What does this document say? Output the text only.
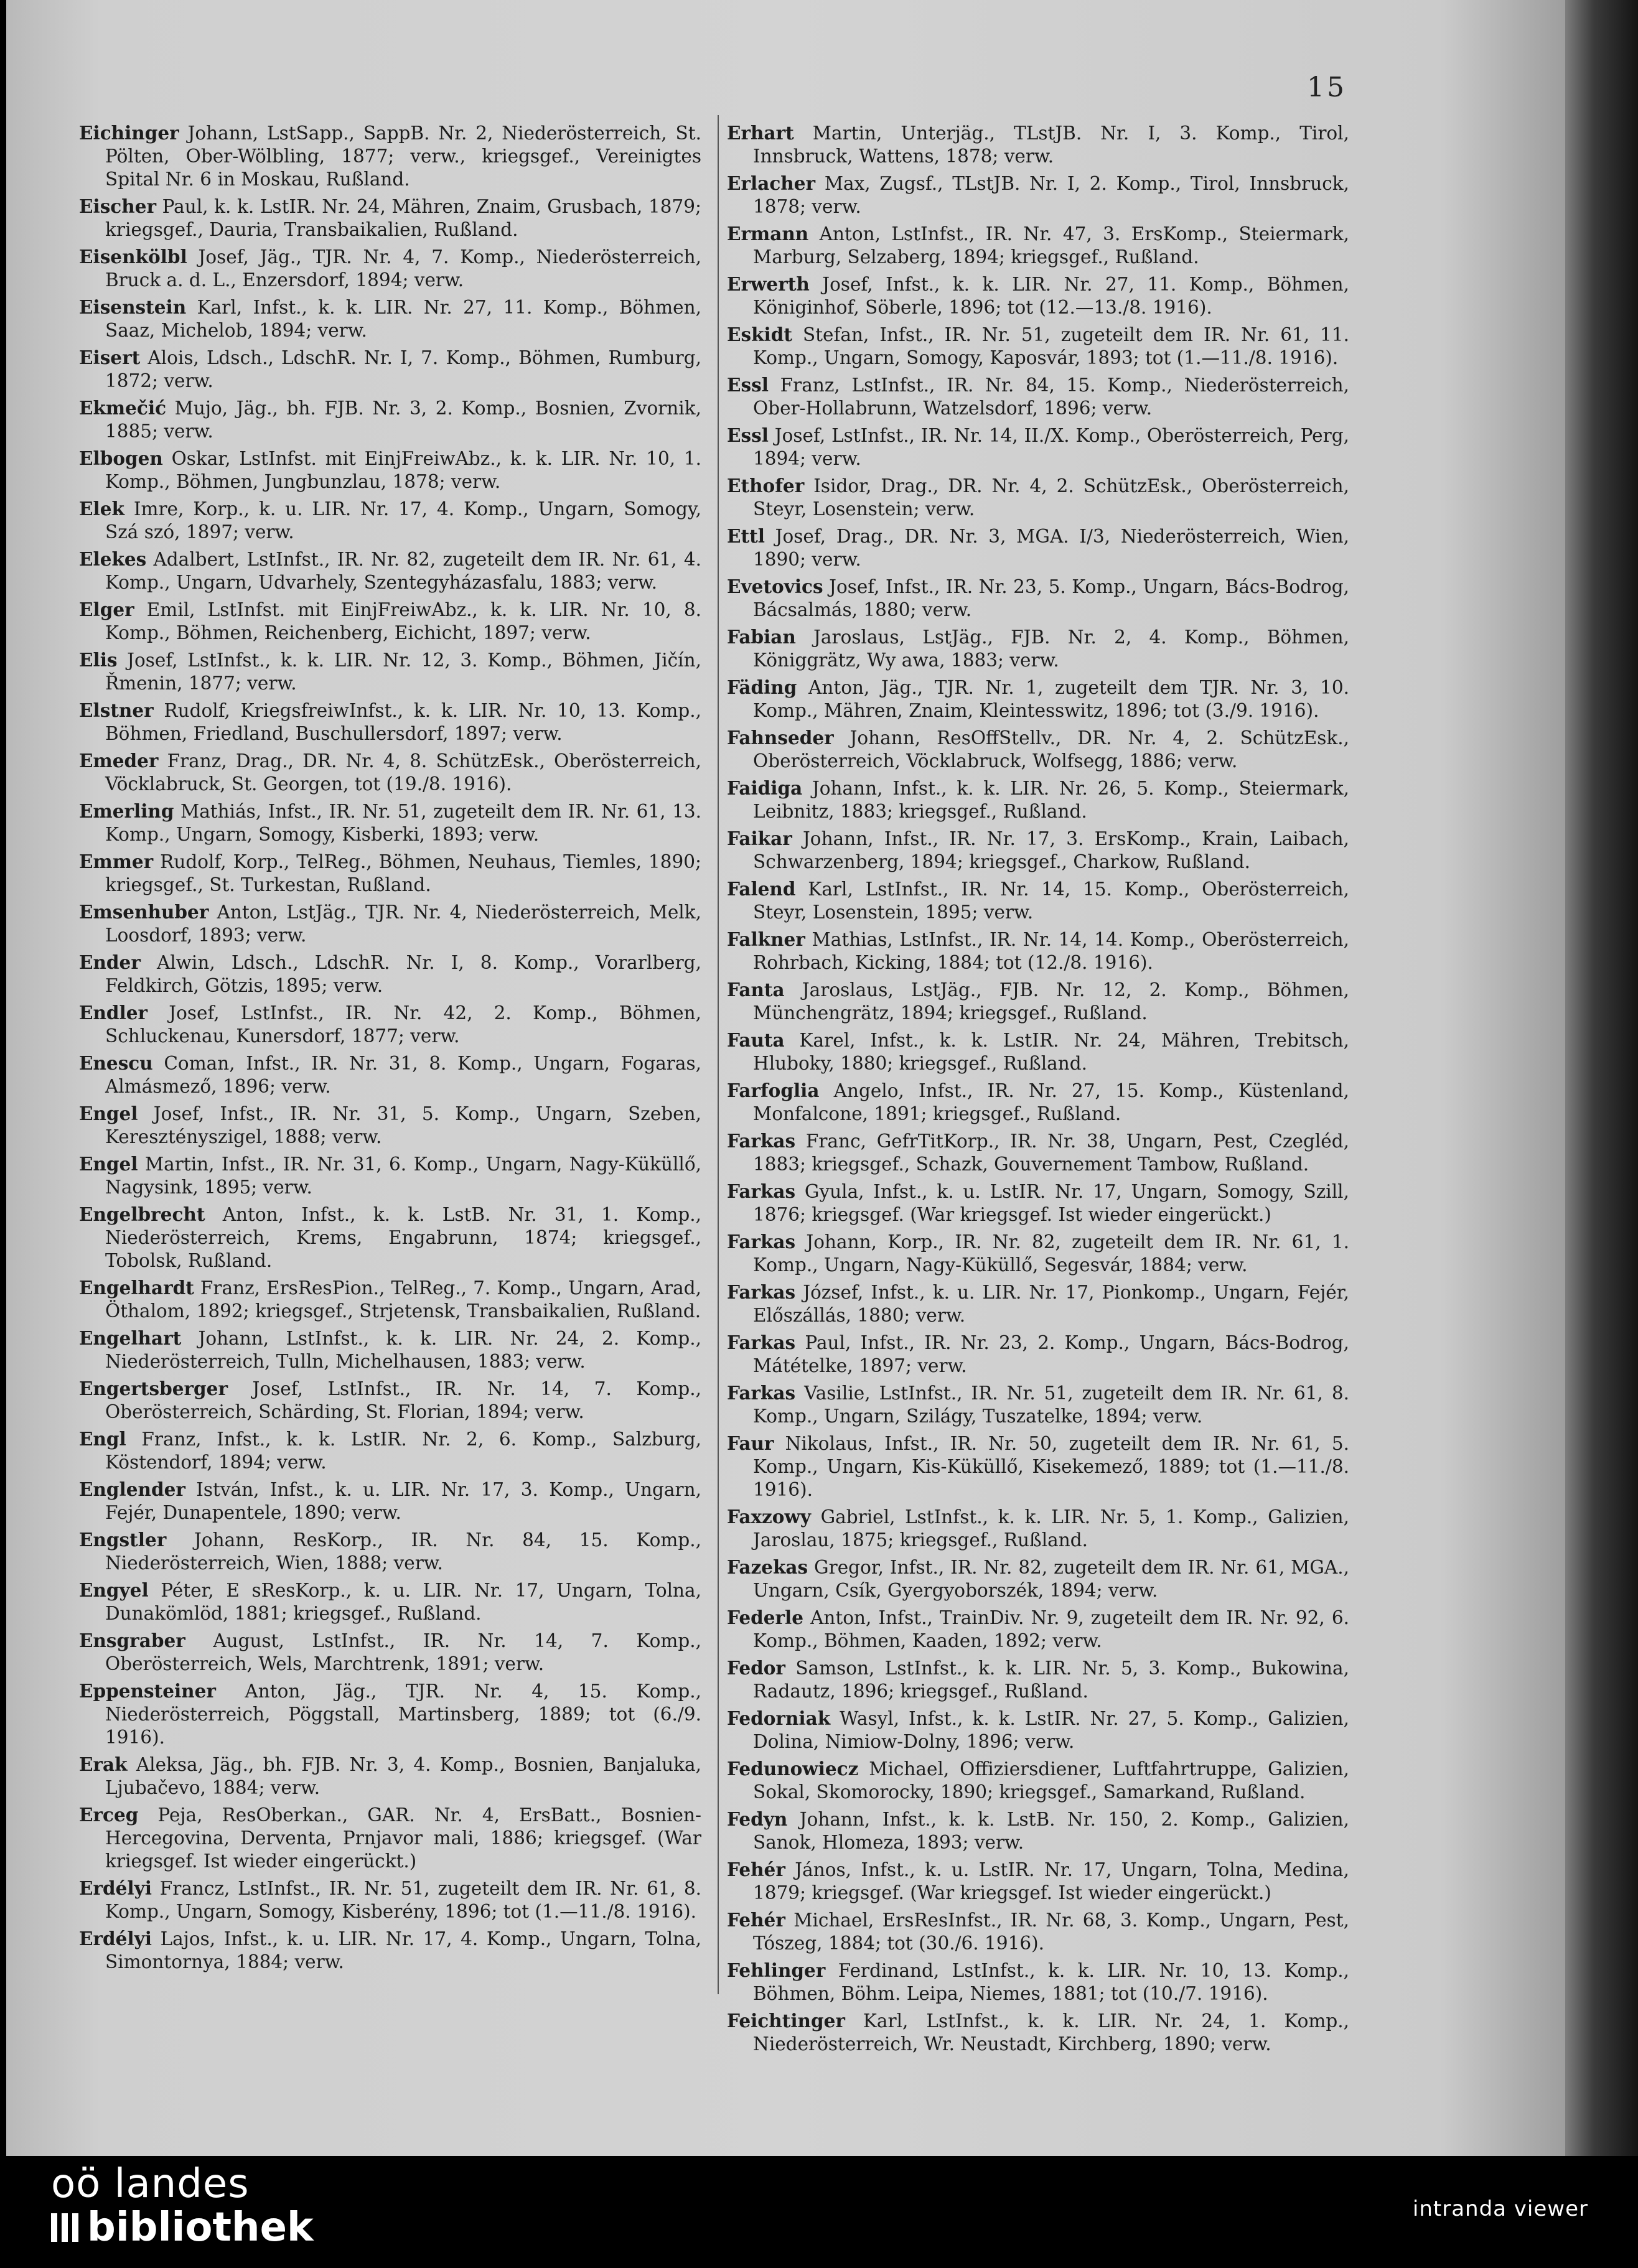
15
Eichinger Johann, LstSapp., SappB. Nr. 2, Niederösterreich, St. Pölten, Ober-Wölbling, 1877; verw., kriegsgef., Vereinigtes Spital Nr. 6 in Moskau, Rußland.
Eischer Paul, k. k. LstIR. Nr. 24, Mähren, Znaim, Grusbach, 1879; kriegsgef., Dauria, Transbaikalien, Rußland.
Eisenkölbl Josef, Jäg., TJR. Nr. 4, 7. Komp., Niederösterreich, Bruck a. d. L., Enzersdorf, 1894; verw.
Eisenstein Karl, Infst., k. k. LIR. Nr. 27, 11. Komp., Böhmen, Saaz, Michelob, 1894; verw.
Eisert Alois, Ldsch., LdschR. Nr. I, 7. Komp., Böhmen, Rumburg, 1872; verw.
Ekmečić Mujo, Jäg., bh. FJB. Nr. 3, 2. Komp., Bosnien, Zvornik, 1885; verw.
Elbogen Oskar, LstInfst. mit EinjFreiwAbz., k. k. LIR. Nr. 10, 1. Komp., Böhmen, Jungbunzlau, 1878; verw.
Elek Imre, Korp., k. u. LIR. Nr. 17, 4. Komp., Ungarn, Somogy, Szá szó, 1897; verw.
Elekes Adalbert, LstInfst., IR. Nr. 82, zugeteilt dem IR. Nr. 61, 4. Komp., Ungarn, Udvarhely, Szentegyházasfalu, 1883; verw.
Elger Emil, LstInfst. mit EinjFreiwAbz., k. k. LIR. Nr. 10, 8. Komp., Böhmen, Reichenberg, Eichicht, 1897; verw.
Elis Josef, LstInfst., k. k. LIR. Nr. 12, 3. Komp., Böhmen, Jičín, Řmenin, 1877; verw.
Elstner Rudolf, KriegsfreiwInfst., k. k. LIR. Nr. 10, 13. Komp., Böhmen, Friedland, Buschullersdorf, 1897; verw.
Emeder Franz, Drag., DR. Nr. 4, 8. SchützEsk., Oberösterreich, Vöcklabruck, St. Georgen, tot (19./8. 1916).
Emerling Mathiás, Infst., IR. Nr. 51, zugeteilt dem IR. Nr. 61, 13. Komp., Ungarn, Somogy, Kisberki, 1893; verw.
Emmer Rudolf, Korp., TelReg., Böhmen, Neuhaus, Tiemles, 1890; kriegsgef., St. Turkestan, Rußland.
Emsenhuber Anton, LstJäg., TJR. Nr. 4, Niederösterreich, Melk, Loosdorf, 1893; verw.
Ender Alwin, Ldsch., LdschR. Nr. I, 8. Komp., Vorarlberg, Feldkirch, Götzis, 1895; verw.
Endler Josef, LstInfst., IR. Nr. 42, 2. Komp., Böhmen, Schluckenau, Kunersdorf, 1877; verw.
Enescu Coman, Infst., IR. Nr. 31, 8. Komp., Ungarn, Fogaras, Almásmező, 1896; verw.
Engel Josef, Infst., IR. Nr. 31, 5. Komp., Ungarn, Szeben, Keresztényszigel, 1888; verw.
Engel Martin, Infst., IR. Nr. 31, 6. Komp., Ungarn, Nagy-Küküllő, Nagysink, 1895; verw.
Engelbrecht Anton, Infst., k. k. LstB. Nr. 31, 1. Komp., Niederösterreich, Krems, Engabrunn, 1874; kriegsgef., Tobolsk, Rußland.
Engelhardt Franz, ErsResPion., TelReg., 7. Komp., Ungarn, Arad, Öthalom, 1892; kriegsgef., Strjetensk, Transbaikalien, Rußland.
Engelhart Johann, LstInfst., k. k. LIR. Nr. 24, 2. Komp., Niederösterreich, Tulln, Michelhausen, 1883; verw.
Engertsberger Josef, LstInfst., IR. Nr. 14, 7. Komp., Oberösterreich, Schärding, St. Florian, 1894; verw.
Engl Franz, Infst., k. k. LstIR. Nr. 2, 6. Komp., Salzburg, Köstendorf, 1894; verw.
Englender István, Infst., k. u. LIR. Nr. 17, 3. Komp., Ungarn, Fejér, Dunapentele, 1890; verw.
Engstler Johann, ResKorp., IR. Nr. 84, 15. Komp., Niederösterreich, Wien, 1888; verw.
Engyel Péter, E sResKorp., k. u. LIR. Nr. 17, Ungarn, Tolna, Dunakömlöd, 1881; kriegsgef., Rußland.
Ensgraber August, LstInfst., IR. Nr. 14, 7. Komp., Oberösterreich, Wels, Marchtrenk, 1891; verw.
Eppensteiner Anton, Jäg., TJR. Nr. 4, 15. Komp., Niederösterreich, Pöggstall, Martinsberg, 1889; tot (6./9. 1916).
Erak Aleksa, Jäg., bh. FJB. Nr. 3, 4. Komp., Bosnien, Banjaluka, Ljubačevo, 1884; verw.
Erceg Peja, ResOberkan., GAR. Nr. 4, ErsBatt., Bosnien-Hercegovina, Derventa, Prnjavor mali, 1886; kriegsgef. (War kriegsgef. Ist wieder eingerückt.)
Erdélyi Francz, LstInfst., IR. Nr. 51, zugeteilt dem IR. Nr. 61, 8. Komp., Ungarn, Somogy, Kisberény, 1896; tot (1.—11./8. 1916).
Erdélyi Lajos, Infst., k. u. LIR. Nr. 17, 4. Komp., Ungarn, Tolna, Simontornya, 1884; verw.
Erhart Martin, Unterjäg., TLstJB. Nr. I, 3. Komp., Tirol, Innsbruck, Wattens, 1878; verw.
Erlacher Max, Zugsf., TLstJB. Nr. I, 2. Komp., Tirol, Innsbruck, 1878; verw.
Ermann Anton, LstInfst., IR. Nr. 47, 3. ErsKomp., Steiermark, Marburg, Selzaberg, 1894; kriegsgef., Rußland.
Erwerth Josef, Infst., k. k. LIR. Nr. 27, 11. Komp., Böhmen, Königinhof, Söberle, 1896; tot (12.—13./8. 1916).
Eskidt Stefan, Infst., IR. Nr. 51, zugeteilt dem IR. Nr. 61, 11. Komp., Ungarn, Somogy, Kaposvár, 1893; tot (1.—11./8. 1916).
Essl Franz, LstInfst., IR. Nr. 84, 15. Komp., Niederösterreich, Ober-Hollabrunn, Watzelsdorf, 1896; verw.
Essl Josef, LstInfst., IR. Nr. 14, II./X. Komp., Oberösterreich, Perg, 1894; verw.
Ethofer Isidor, Drag., DR. Nr. 4, 2. SchützEsk., Oberösterreich, Steyr, Losenstein; verw.
Ettl Josef, Drag., DR. Nr. 3, MGA. I/3, Niederösterreich, Wien, 1890; verw.
Evetovics Josef, Infst., IR. Nr. 23, 5. Komp., Ungarn, Bács-Bodrog, Bácsalmás, 1880; verw.
Fabian Jaroslaus, LstJäg., FJB. Nr. 2, 4. Komp., Böhmen, Königgrätz, Wy awa, 1883; verw.
Fäding Anton, Jäg., TJR. Nr. 1, zugeteilt dem TJR. Nr. 3, 10. Komp., Mähren, Znaim, Kleintesswitz, 1896; tot (3./9. 1916).
Fahnseder Johann, ResOffStellv., DR. Nr. 4, 2. SchützEsk., Oberösterreich, Vöcklabruck, Wolfsegg, 1886; verw.
Faidiga Johann, Infst., k. k. LIR. Nr. 26, 5. Komp., Steiermark, Leibnitz, 1883; kriegsgef., Rußland.
Faikar Johann, Infst., IR. Nr. 17, 3. ErsKomp., Krain, Laibach, Schwarzenberg, 1894; kriegsgef., Charkow, Rußland.
Falend Karl, LstInfst., IR. Nr. 14, 15. Komp., Oberösterreich, Steyr, Losenstein, 1895; verw.
Falkner Mathias, LstInfst., IR. Nr. 14, 14. Komp., Oberösterreich, Rohrbach, Kicking, 1884; tot (12./8. 1916).
Fanta Jaroslaus, LstJäg., FJB. Nr. 12, 2. Komp., Böhmen, Münchengrätz, 1894; kriegsgef., Rußland.
Fauta Karel, Infst., k. k. LstIR. Nr. 24, Mähren, Trebitsch, Hluboky, 1880; kriegsgef., Rußland.
Farfoglia Angelo, Infst., IR. Nr. 27, 15. Komp., Küstenland, Monfalcone, 1891; kriegsgef., Rußland.
Farkas Franc, GefrTitKorp., IR. Nr. 38, Ungarn, Pest, Czegléd, 1883; kriegsgef., Schazk, Gouvernement Tambow, Rußland.
Farkas Gyula, Infst., k. u. LstIR. Nr. 17, Ungarn, Somogy, Szill, 1876; kriegsgef. (War kriegsgef. Ist wieder eingerückt.)
Farkas Johann, Korp., IR. Nr. 82, zugeteilt dem IR. Nr. 61, 1. Komp., Ungarn, Nagy-Küküllő, Segesvár, 1884; verw.
Farkas József, Infst., k. u. LIR. Nr. 17, Pionkomp., Ungarn, Fejér, Előszállás, 1880; verw.
Farkas Paul, Infst., IR. Nr. 23, 2. Komp., Ungarn, Bács-Bodrog, Mátételke, 1897; verw.
Farkas Vasilie, LstInfst., IR. Nr. 51, zugeteilt dem IR. Nr. 61, 8. Komp., Ungarn, Szilágy, Tuszatelke, 1894; verw.
Faur Nikolaus, Infst., IR. Nr. 50, zugeteilt dem IR. Nr. 61, 5. Komp., Ungarn, Kis-Küküllő, Kisekemező, 1889; tot (1.—11./8. 1916).
Faxzowy Gabriel, LstInfst., k. k. LIR. Nr. 5, 1. Komp., Galizien, Jaroslau, 1875; kriegsgef., Rußland.
Fazekas Gregor, Infst., IR. Nr. 82, zugeteilt dem IR. Nr. 61, MGA., Ungarn, Csík, Gyergyoborszék, 1894; verw.
Federle Anton, Infst., TrainDiv. Nr. 9, zugeteilt dem IR. Nr. 92, 6. Komp., Böhmen, Kaaden, 1892; verw.
Fedor Samson, LstInfst., k. k. LIR. Nr. 5, 3. Komp., Bukowina, Radautz, 1896; kriegsgef., Rußland.
Fedorniak Wasyl, Infst., k. k. LstIR. Nr. 27, 5. Komp., Galizien, Dolina, Nimiow-Dolny, 1896; verw.
Fedunowiecz Michael, Offiziersdiener, Luftfahrtruppe, Galizien, Sokal, Skomorocky, 1890; kriegsgef., Samarkand, Rußland.
Fedyn Johann, Infst., k. k. LstB. Nr. 150, 2. Komp., Galizien, Sanok, Hlomeza, 1893; verw.
Fehér János, Infst., k. u. LstIR. Nr. 17, Ungarn, Tolna, Medina, 1879; kriegsgef. (War kriegsgef. Ist wieder eingerückt.)
Fehér Michael, ErsResInfst., IR. Nr. 68, 3. Komp., Ungarn, Pest, Tószeg, 1884; tot (30./6. 1916).
Fehlinger Ferdinand, LstInfst., k. k. LIR. Nr. 10, 13. Komp., Böhmen, Böhm. Leipa, Niemes, 1881; tot (10./7. 1916).
Feichtinger Karl, LstInfst., k. k. LIR. Nr. 24, 1. Komp., Niederösterreich, Wr. Neustadt, Kirchberg, 1890; verw.
oö landes
bibliothek	intranda viewer
